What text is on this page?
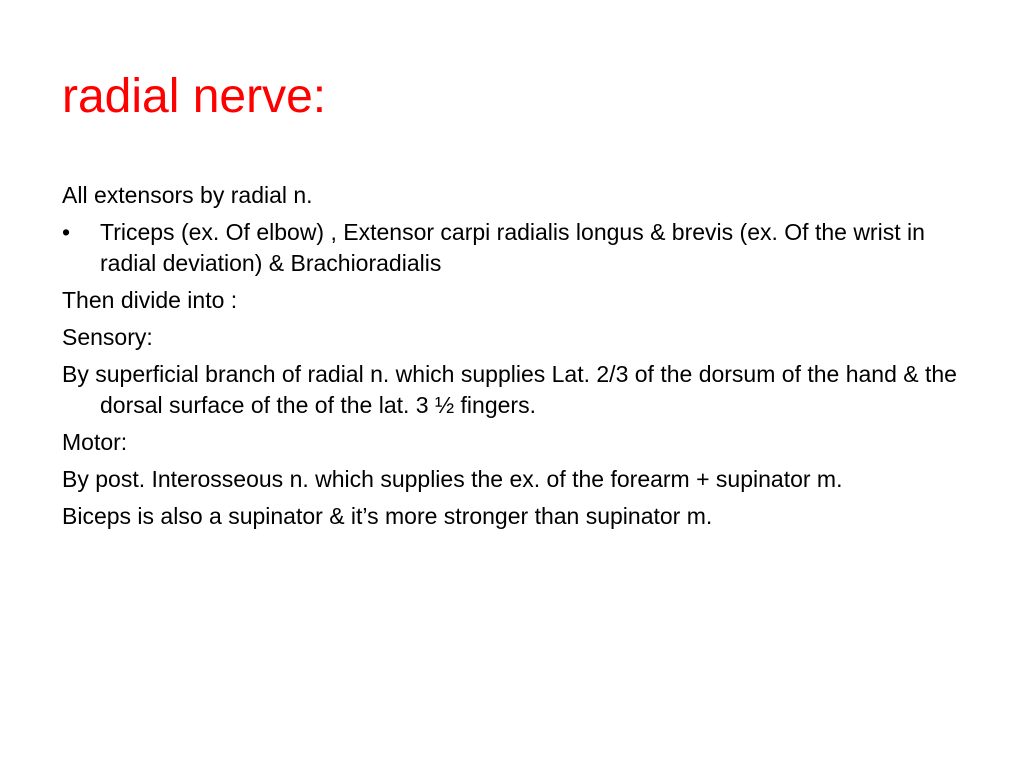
radial nerve:

All extensors by radial n.

•	Triceps (ex. Of elbow) , Extensor carpi radialis longus & brevis (ex. Of the wrist in radial deviation) & Brachioradialis

Then divide into :

Sensory:

By superficial branch of radial n. which supplies Lat. 2/3 of the dorsum of the hand & the dorsal surface of the of the lat. 3 ½ fingers.

Motor:

By post. Interosseous n. which supplies the ex. of the forearm + supinator m.

Biceps is also a supinator & it’s more stronger than supinator m.
